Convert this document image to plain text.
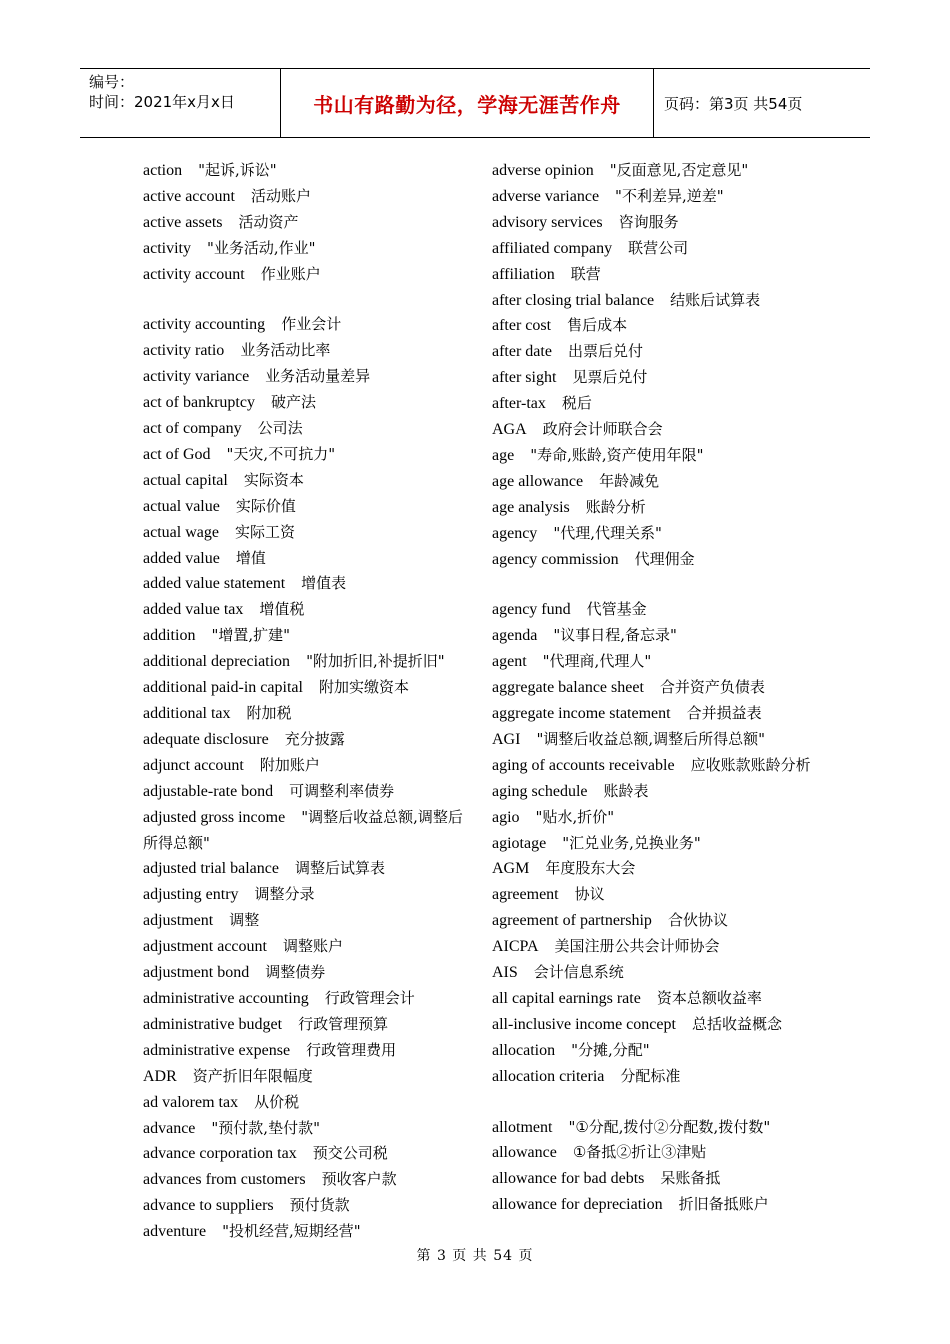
编号：
时间：2021年x月x日	书山有路勤为径，学海无涯苦作舟	页码：第3页 共54页
action "起诉,诉讼"
active account 活动账户
active assets 活动资产
activity "业务活动,作业"
activity account 作业账户
activity accounting 作业会计
activity ratio 业务活动比率
activity variance 业务活动量差异
act of bankruptcy 破产法
act of company 公司法
act of God "天灾,不可抗力"
actual capital 实际资本
actual value 实际价值
actual wage 实际工资
added value 增值
added value statement 增值表
added value tax 增值税
addition "增置,扩建"
additional depreciation "附加折旧,补提折旧"
additional paid-in capital 附加实缴资本
additional tax 附加税
adequate disclosure 充分披露
adjunct account 附加账户
adjustable-rate bond 可调整利率债券
adjusted gross income "调整后收益总额,调整后所得总额"
adjusted trial balance 调整后试算表
adjusting entry 调整分录
adjustment 调整
adjustment account 调整账户
adjustment bond 调整债券
administrative accounting 行政管理会计
administrative budget 行政管理预算
administrative expense 行政管理费用
ADR 资产折旧年限幅度
ad valorem tax 从价税
advance "预付款,垫付款"
advance corporation tax 预交公司税
advances from customers 预收客户款
advance to suppliers 预付货款
adventure "投机经营,短期经营"
adverse opinion "反面意见,否定意见"
adverse variance "不利差异,逆差"
advisory services 咨询服务
affiliated company 联营公司
affiliation 联营
after closing trial balance 结账后试算表
after cost 售后成本
after date 出票后兑付
after sight 见票后兑付
after-tax 税后
AGA 政府会计师联合会
age "寿命,账龄,资产使用年限"
age allowance 年龄减免
age analysis 账龄分析
agency "代理,代理关系"
agency commission 代理佣金
agency fund 代管基金
agenda "议事日程,备忘录"
agent "代理商,代理人"
aggregate balance sheet 合并资产负债表
aggregate income statement 合并损益表
AGI "调整后收益总额,调整后所得总额"
aging of accounts receivable 应收账款账龄分析
aging schedule 账龄表
agio "贴水,折价"
agiotage "汇兑业务,兑换业务"
AGM 年度股东大会
agreement 协议
agreement of partnership 合伙协议
AICPA 美国注册公共会计师协会
AIS 会计信息系统
all capital earnings rate 资本总额收益率
all-inclusive income concept 总括收益概念
allocation "分摊,分配"
allocation criteria 分配标准
allotment "①分配,拨付②分配数,拨付数"
allowance ①备抵②折让③津贴
allowance for bad debts 呆账备抵
allowance for depreciation 折旧备抵账户
第 3 页 共 54 页
